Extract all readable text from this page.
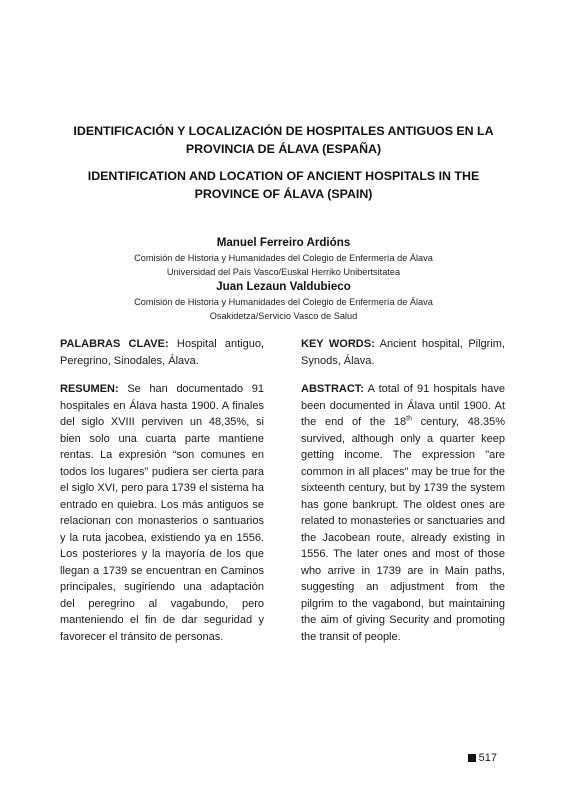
IDENTIFICACIÓN Y LOCALIZACIÓN DE HOSPITALES ANTIGUOS EN LA
PROVINCIA DE ÁLAVA (ESPAÑA)

IDENTIFICATION AND LOCATION OF ANCIENT HOSPITALS IN THE
PROVINCE OF ÁLAVA (SPAIN)

Manuel Ferreiro Ardións

Comisión de Historia y Humanidades del Colegio de Enfermería de Álava

Universidad del País Vasco/Euskal Herriko Unibertsitatea

Juan Lezaun Valdubieco

Comisión de Historia y Humanidades del Colegio de Enfermería de Álava

Osakidetza/Servicio Vasco de Salud

PALABRAS CLAVE: Hospital antiguo, Peregrino, Sinodales, Álava.

KEY WORDS: Ancient hospital, Pilgrim, Synods, Álava.

RESUMEN: Se han documentado 91 hospitales en Álava hasta 1900. A finales del siglo XVIII perviven un 48,35%, si bien solo una cuarta parte mantiene rentas. La expresión “son comunes en todos los lugares” pudiera ser cierta para el siglo XVI, pero para 1739 el sistema ha entrado en quiebra. Los más antiguos se relacionan con monasterios o santuarios y la ruta jacobea, existiendo ya en 1556. Los posteriores y la mayoría de los que llegan a 1739 se encuentran en Caminos principales, sugiriendo una adaptación del peregrino al vagabundo, pero manteniendo el fin de dar seguridad y favorecer el tránsito de personas.

ABSTRACT: A total of 91 hospitals have been documented in Álava until 1900. At the end of the 18th century, 48.35% survived, although only a quarter keep getting income. The expression "are common in all places" may be true for the sixteenth century, but by 1739 the system has gone bankrupt. The oldest ones are related to monasteries or sanctuaries and the Jacobean route, already existing in 1556. The later ones and most of those who arrive in 1739 are in Main paths, suggesting an adjustment from the pilgrim to the vagabond, but maintaining the aim of giving Security and promoting the transit of people.

517
